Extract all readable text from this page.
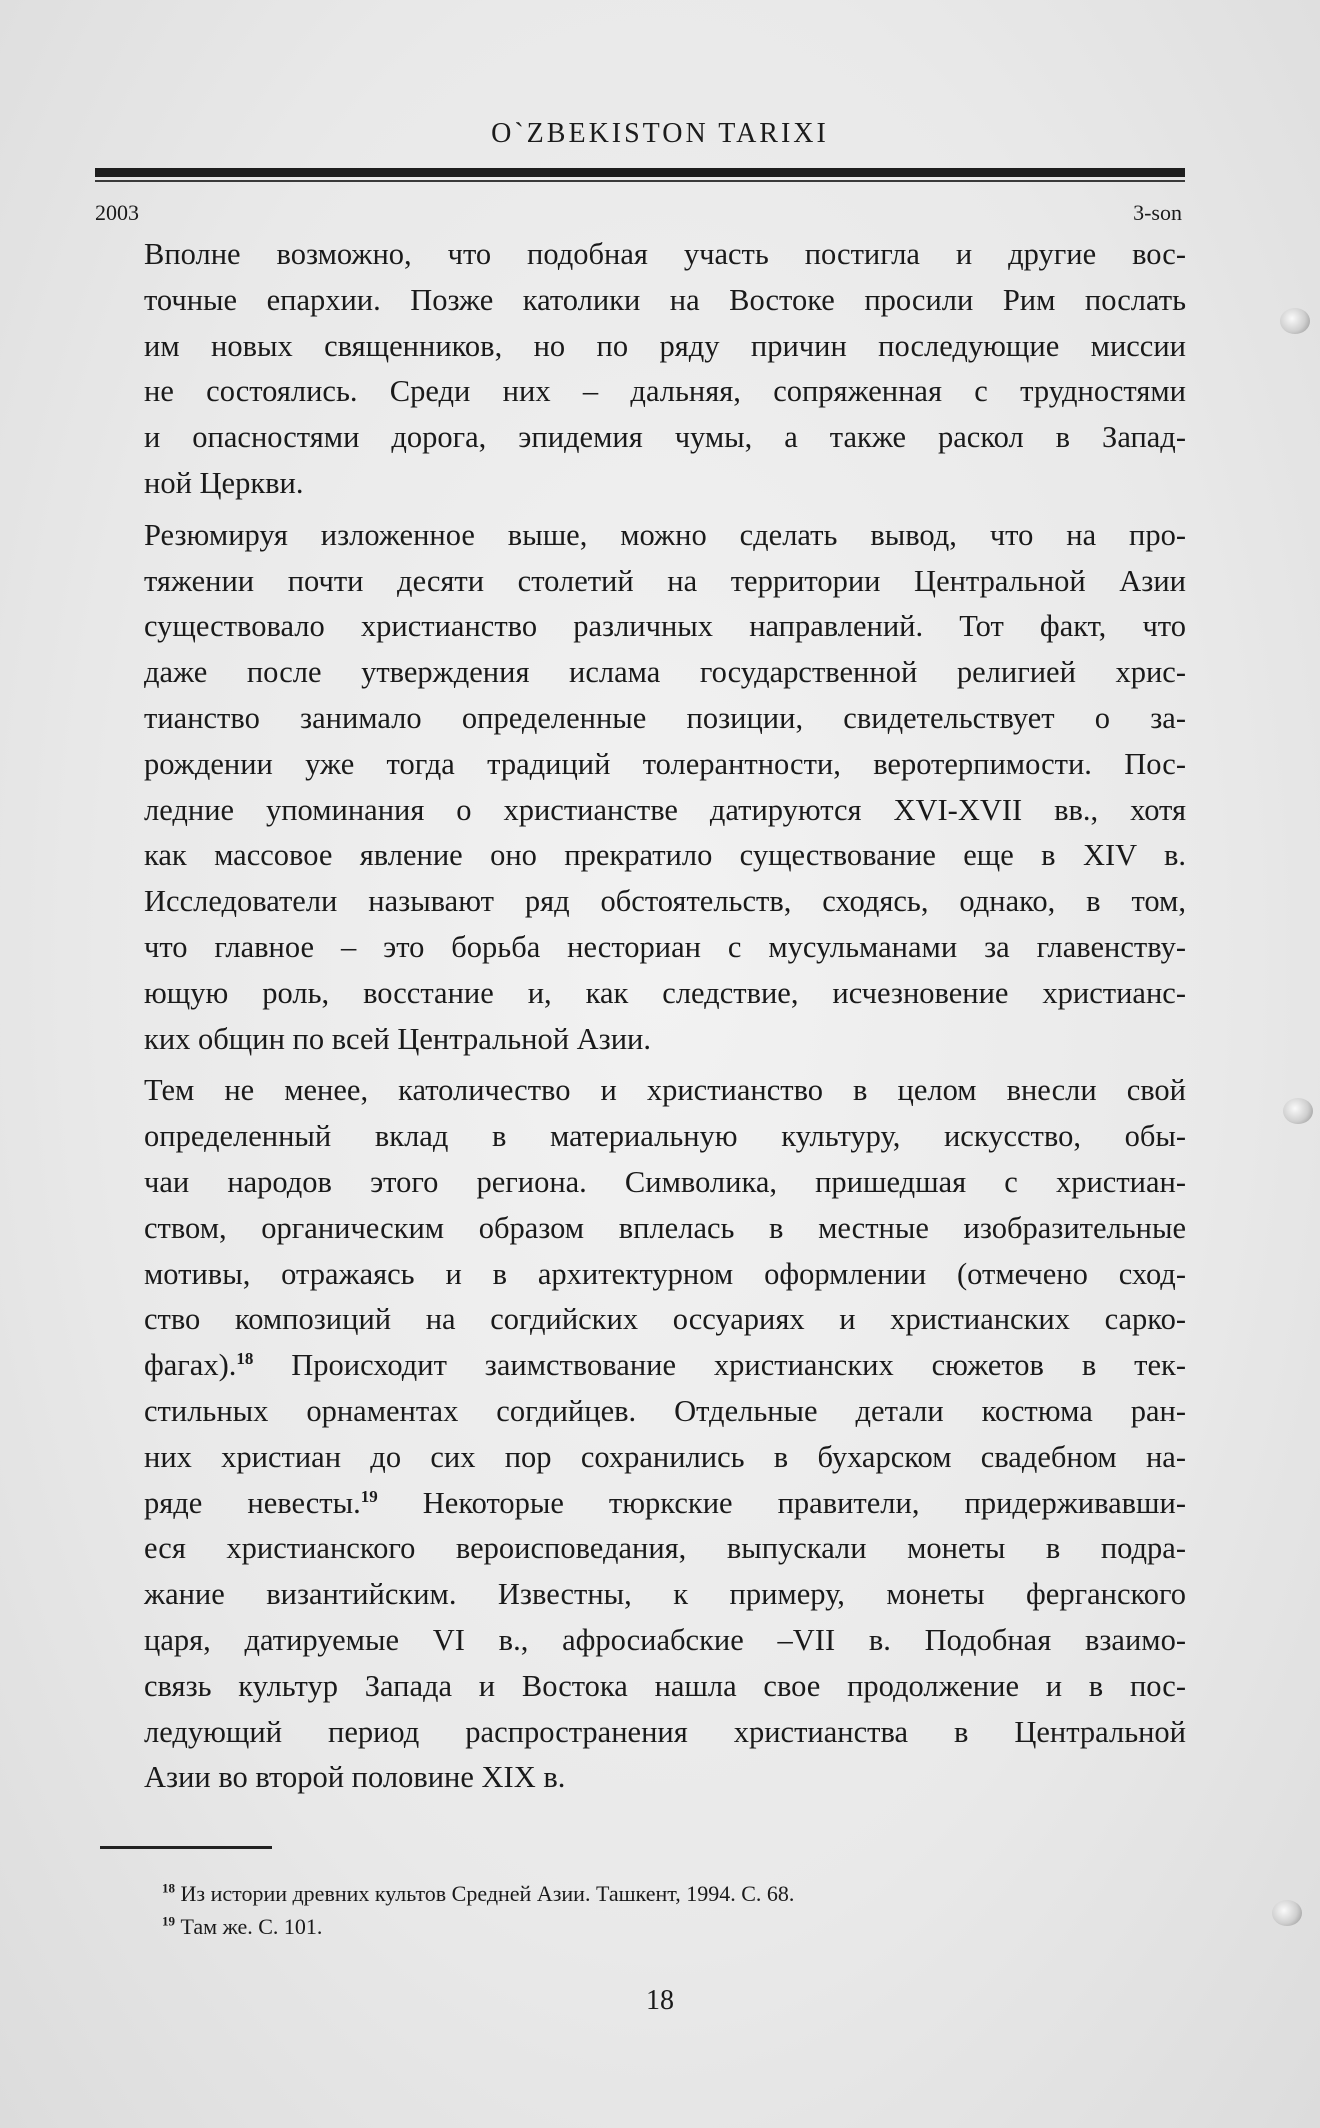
O`ZBEKISTON TARIXI
2003	3-son

Вполне возможно, что подобная участь постигла и другие вос-
точные епархии. Позже католики на Востоке просили Рим послать
им новых священников, но по ряду причин последующие миссии
не состоялись. Среди них – дальняя, сопряженная с трудностями
и опасностями дорога, эпидемия чумы, а также раскол в Запад-
ной Церкви.

Резюмируя изложенное выше, можно сделать вывод, что на про-
тяжении почти десяти столетий на территории Центральной Азии
существовало христианство различных направлений. Тот факт, что
даже после утверждения ислама государственной религией хрис-
тианство занимало определенные позиции, свидетельствует о за-
рождении уже тогда традиций толерантности, веротерпимости. Пос-
ледние упоминания о христианстве датируются XVI-XVII вв., хотя
как массовое явление оно прекратило существование еще в XIV в.
Исследователи называют ряд обстоятельств, сходясь, однако, в том,
что главное – это борьба несториан с мусульманами за главенству-
ющую роль, восстание и, как следствие, исчезновение христианс-
ких общин по всей Центральной Азии.

Тем не менее, католичество и христианство в целом внесли свой
определенный вклад в материальную культуру, искусство, обы-
чаи народов этого региона. Символика, пришедшая с христиан-
ством, органическим образом вплелась в местные изобразительные
мотивы, отражаясь и в архитектурном оформлении (отмечено сход-
ство композиций на согдийских оссуариях и христианских сарко-
фагах).$^{18}$ Происходит заимствование христианских сюжетов в тек-
стильных орнаментах согдийцев. Отдельные детали костюма ран-
них христиан до сих пор сохранились в бухарском свадебном на-
ряде невесты.$^{19}$ Некоторые тюркские правители, придерживавши-
еся христианского вероисповедания, выпускали монеты в подра-
жание византийским. Известны, к примеру, монеты ферганского
царя, датируемые VI в., афросиабские –VII в. Подобная взаимо-
связь культур Запада и Востока нашла свое продолжение и в пос-
ледующий период распространения христианства в Центральной
Азии во второй половине XIX в.

$^{18}$ Из истории древних культов Средней Азии. Ташкент, 1994. С. 68.
$^{19}$ Там же. С. 101.
18
